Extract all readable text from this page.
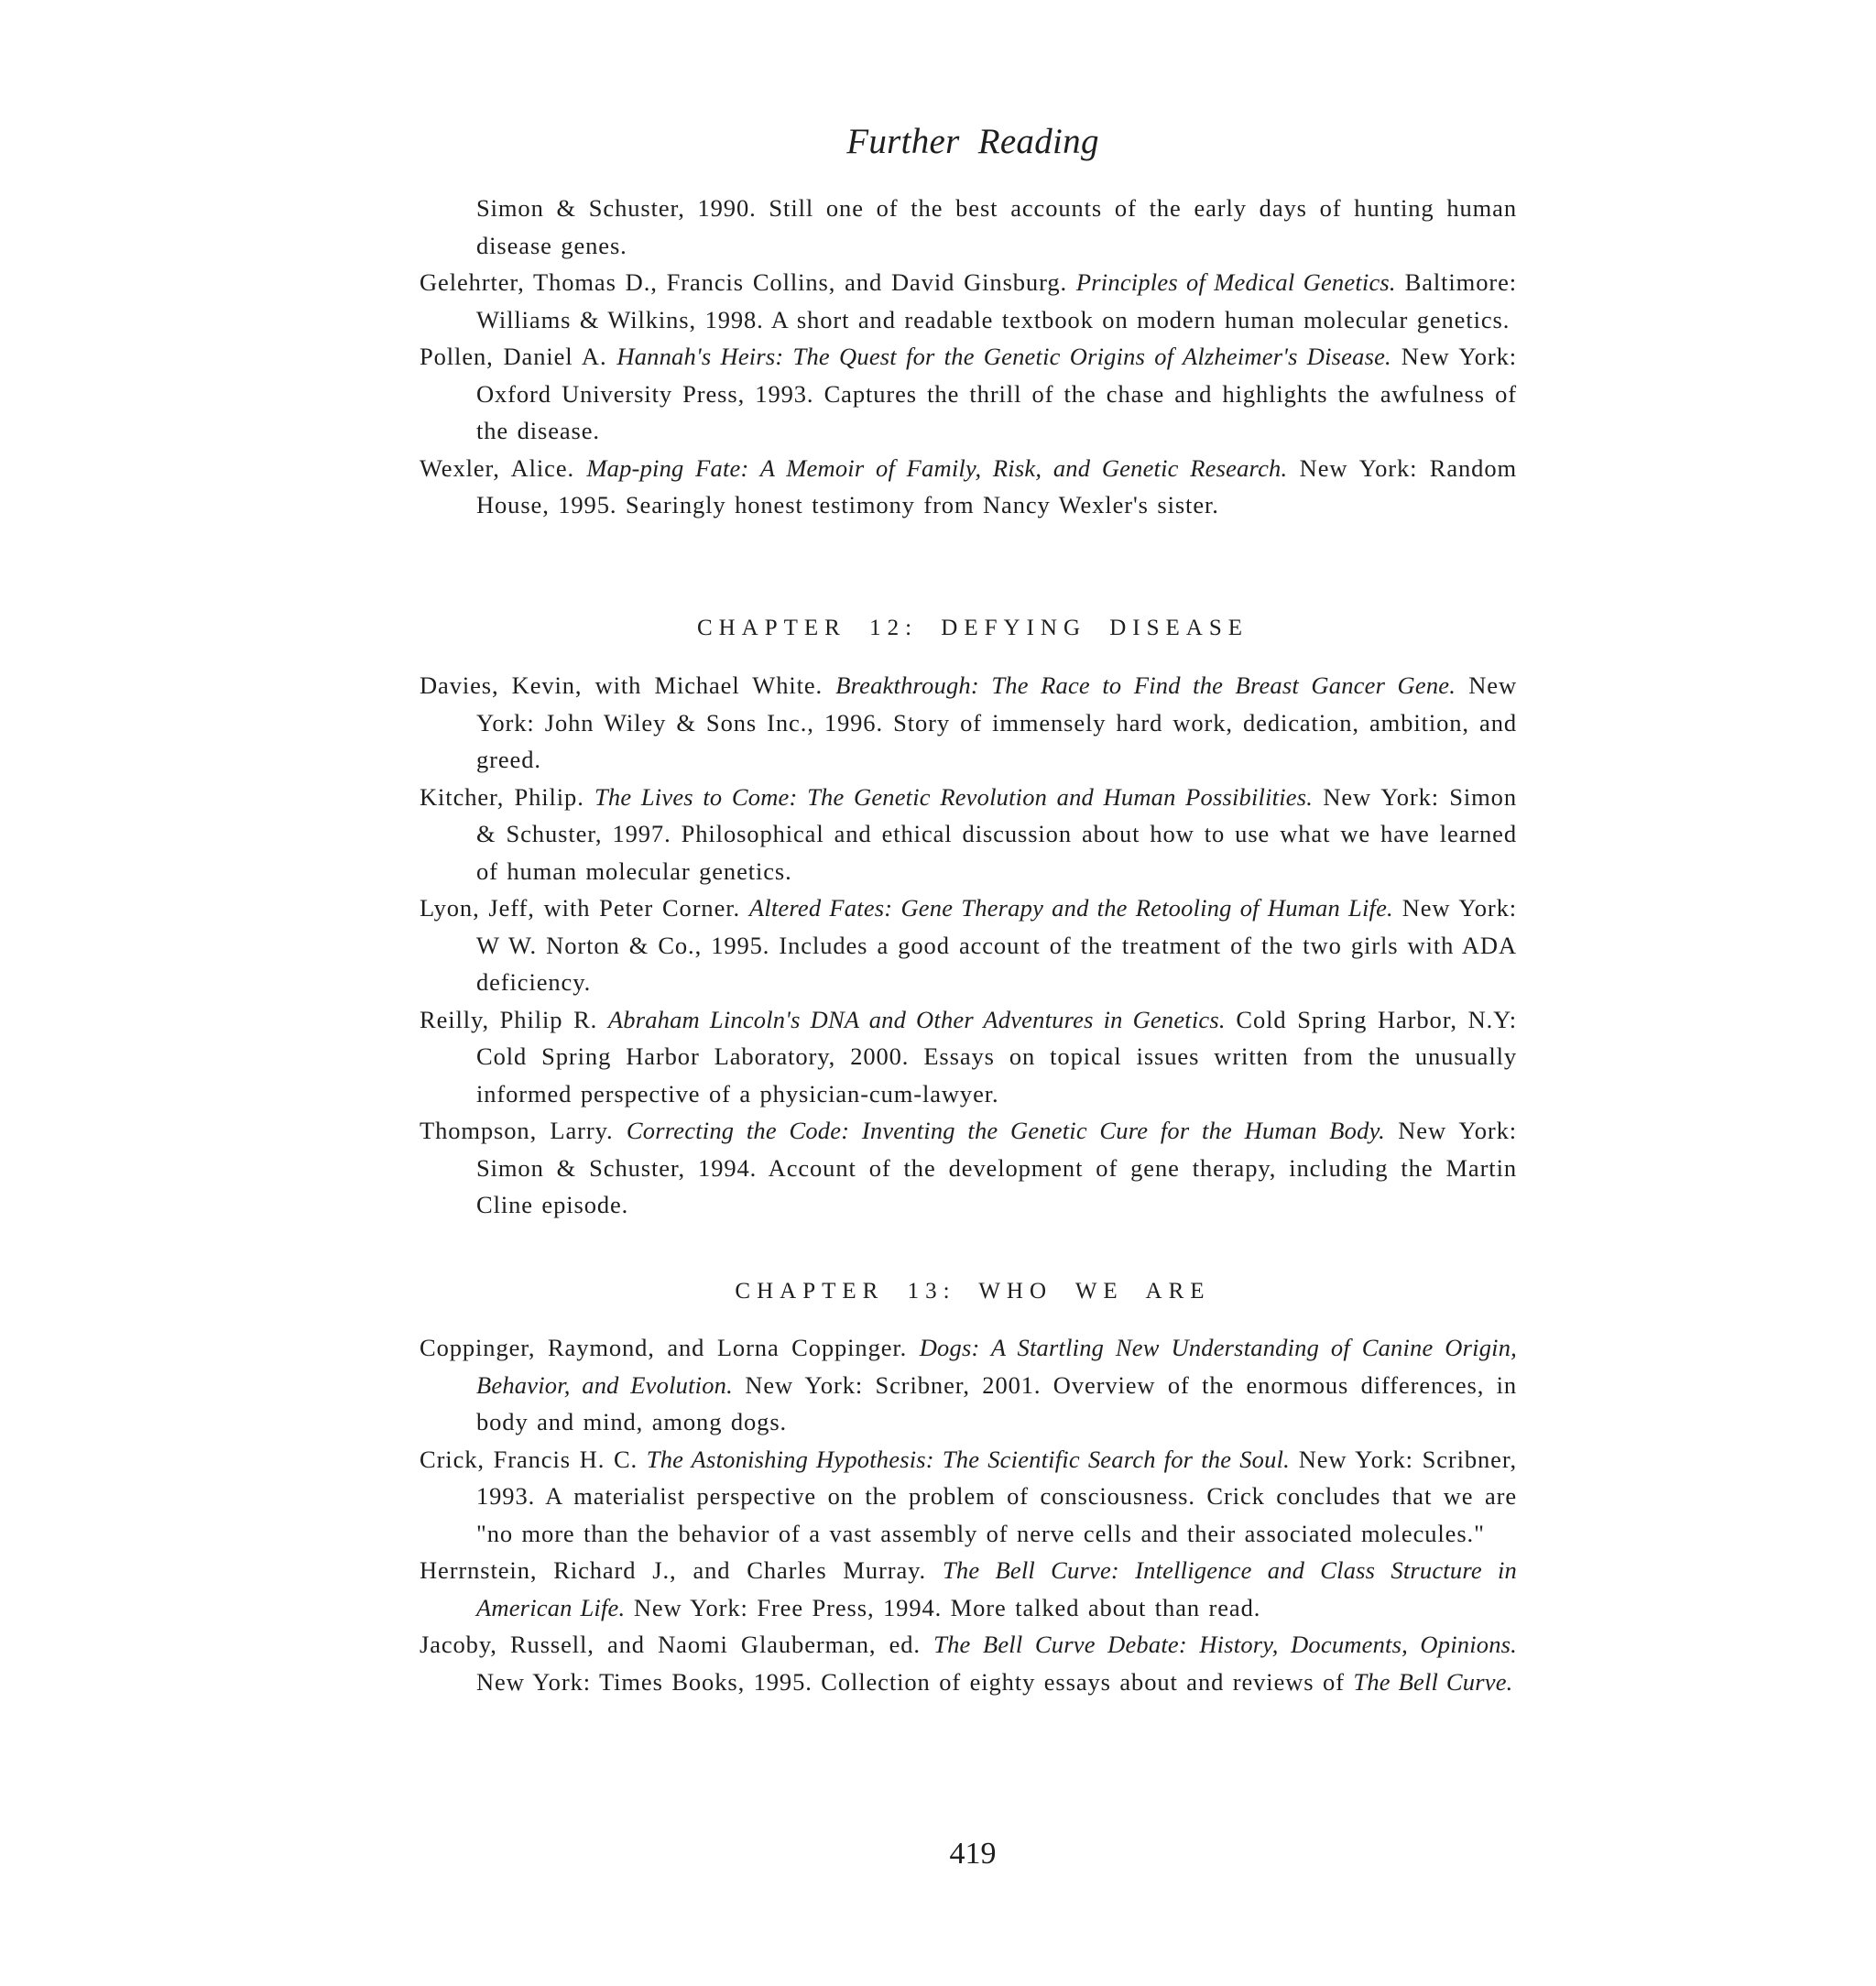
Further Reading
Simon & Schuster, 1990. Still one of the best accounts of the early days of hunting human disease genes.
Gelehrter, Thomas D., Francis Collins, and David Ginsburg. Principles of Medical Genetics. Baltimore: Williams & Wilkins, 1998. A short and readable textbook on modern human molecular genetics.
Pollen, Daniel A. Hannah's Heirs: The Quest for the Genetic Origins of Alzheimer's Disease. New York: Oxford University Press, 1993. Captures the thrill of the chase and highlights the awfulness of the disease.
Wexler, Alice. Map-ping Fate: A Memoir of Family, Risk, and Genetic Research. New York: Random House, 1995. Searingly honest testimony from Nancy Wexler's sister.
CHAPTER 12: DEFYING DISEASE
Davies, Kevin, with Michael White. Breakthrough: The Race to Find the Breast Gancer Gene. New York: John Wiley & Sons Inc., 1996. Story of immensely hard work, dedication, ambition, and greed.
Kitcher, Philip. The Lives to Come: The Genetic Revolution and Human Possibilities. New York: Simon & Schuster, 1997. Philosophical and ethical discussion about how to use what we have learned of human molecular genetics.
Lyon, Jeff, with Peter Corner. Altered Fates: Gene Therapy and the Retooling of Human Life. New York: W W. Norton & Co., 1995. Includes a good account of the treatment of the two girls with ADA deficiency.
Reilly, Philip R. Abraham Lincoln's DNA and Other Adventures in Genetics. Cold Spring Harbor, N.Y: Cold Spring Harbor Laboratory, 2000. Essays on topical issues written from the unusually informed perspective of a physician-cum-lawyer.
Thompson, Larry. Correcting the Code: Inventing the Genetic Cure for the Human Body. New York: Simon & Schuster, 1994. Account of the development of gene therapy, including the Martin Cline episode.
CHAPTER 13: WHO WE ARE
Coppinger, Raymond, and Lorna Coppinger. Dogs: A Startling New Understanding of Canine Origin, Behavior, and Evolution. New York: Scribner, 2001. Overview of the enormous differences, in body and mind, among dogs.
Crick, Francis H. C. The Astonishing Hypothesis: The Scientific Search for the Soul. New York: Scribner, 1993. A materialist perspective on the problem of consciousness. Crick concludes that we are "no more than the behavior of a vast assembly of nerve cells and their associated molecules."
Herrnstein, Richard J., and Charles Murray. The Bell Curve: Intelligence and Class Structure in American Life. New York: Free Press, 1994. More talked about than read.
Jacoby, Russell, and Naomi Glauberman, ed. The Bell Curve Debate: History, Documents, Opinions. New York: Times Books, 1995. Collection of eighty essays about and reviews of The Bell Curve.
419
